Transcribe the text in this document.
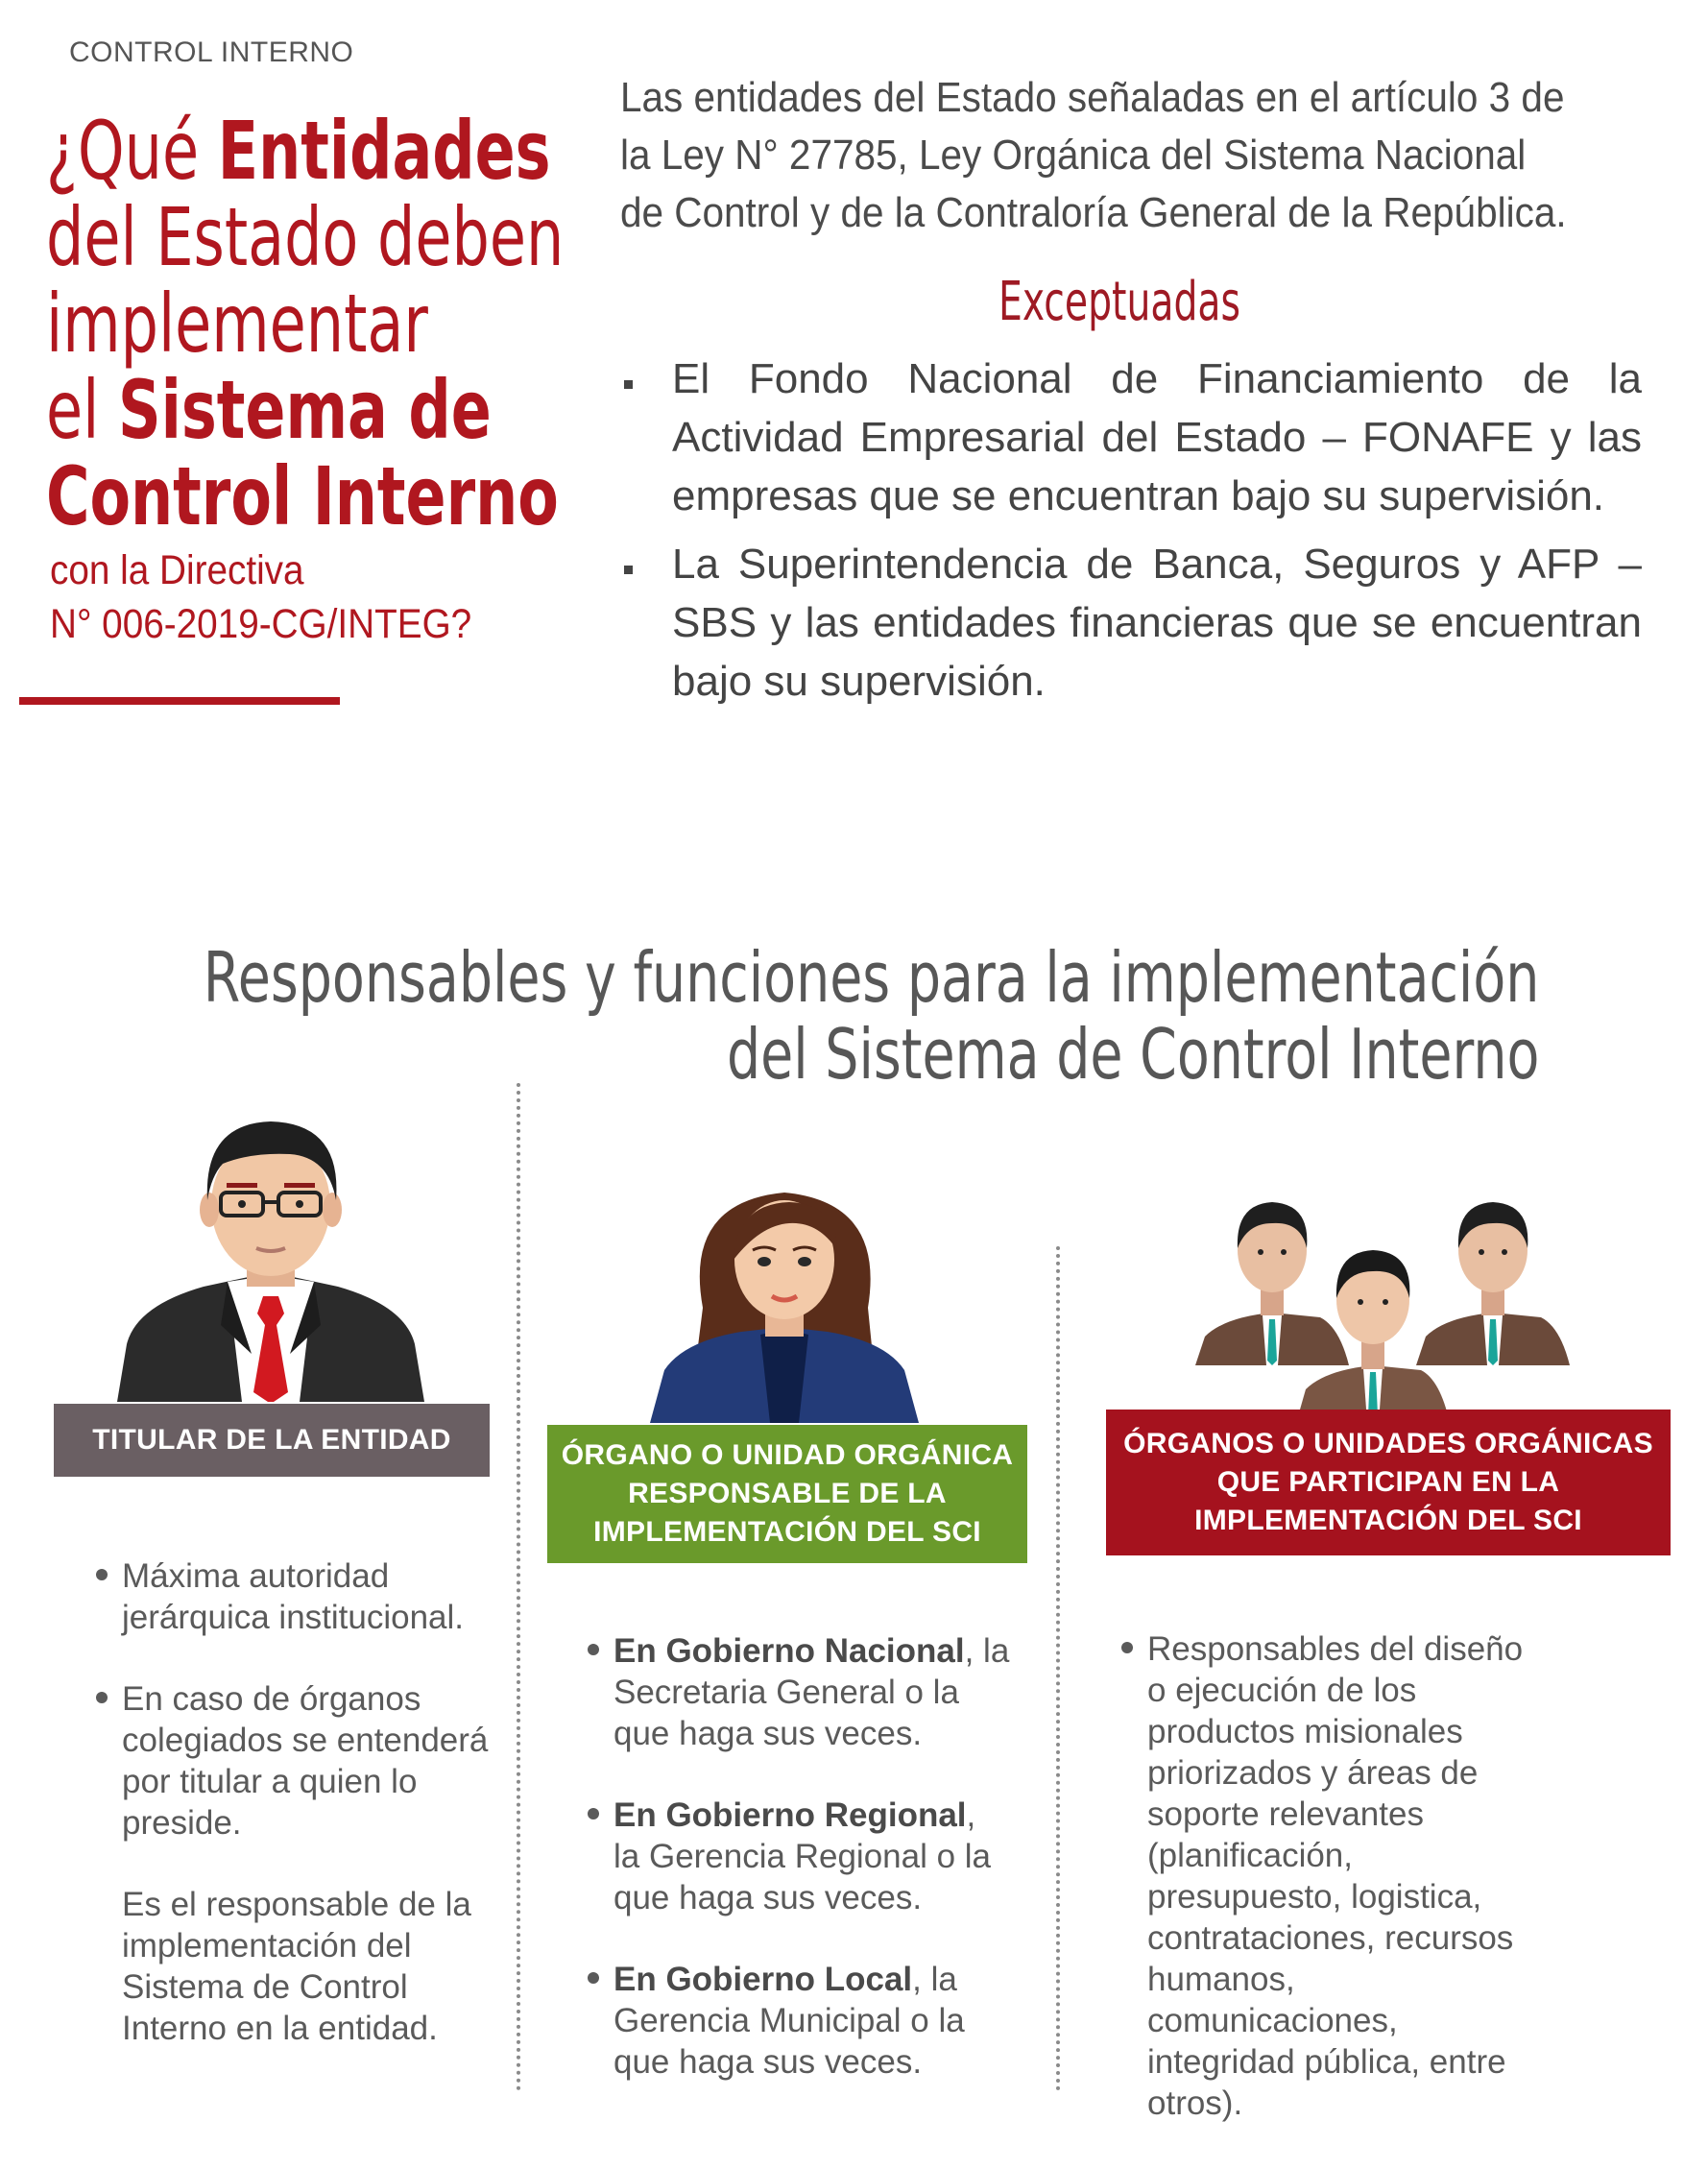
CONTROL INTERNO
¿Qué Entidades
del Estado deben
implementar
el Sistema de
Control Interno
con la Directiva
N° 006-2019-CG/INTEG?
Las entidades del Estado señaladas en el artículo 3 de la Ley N° 27785, Ley Orgánica del Sistema Nacional de Control y de la Contraloría General de la República.
Exceptuadas
El Fondo Nacional de Financiamiento de la Actividad Empresarial del Estado – FONAFE y las empresas que se encuentran bajo su supervisión.
La Superintendencia de Banca, Seguros y AFP – SBS y las entidades financieras que se encuentran bajo su supervisión.
Responsables y funciones para la implementación
del Sistema de Control Interno
TITULAR DE LA ENTIDAD
Máxima autoridad jerárquica institucional.
En caso de órganos colegiados se entenderá por titular a quien lo preside.
Es el responsable de la implementación del Sistema de Control Interno en la entidad.
ÓRGANO O UNIDAD ORGÁNICA
RESPONSABLE DE LA
IMPLEMENTACIÓN DEL SCI
En Gobierno Nacional, la Secretaria General o la que haga sus veces.
En Gobierno Regional, la Gerencia Regional o la que haga sus veces.
En Gobierno Local, la Gerencia Municipal o la que haga sus veces.
ÓRGANOS O UNIDADES ORGÁNICAS
QUE PARTICIPAN EN LA
IMPLEMENTACIÓN DEL SCI
Responsables del diseño o ejecución de los productos misionales priorizados y áreas de soporte relevantes (planificación, presupuesto, logistica, contrataciones, recursos humanos, comunicaciones, integridad pública, entre otros).
